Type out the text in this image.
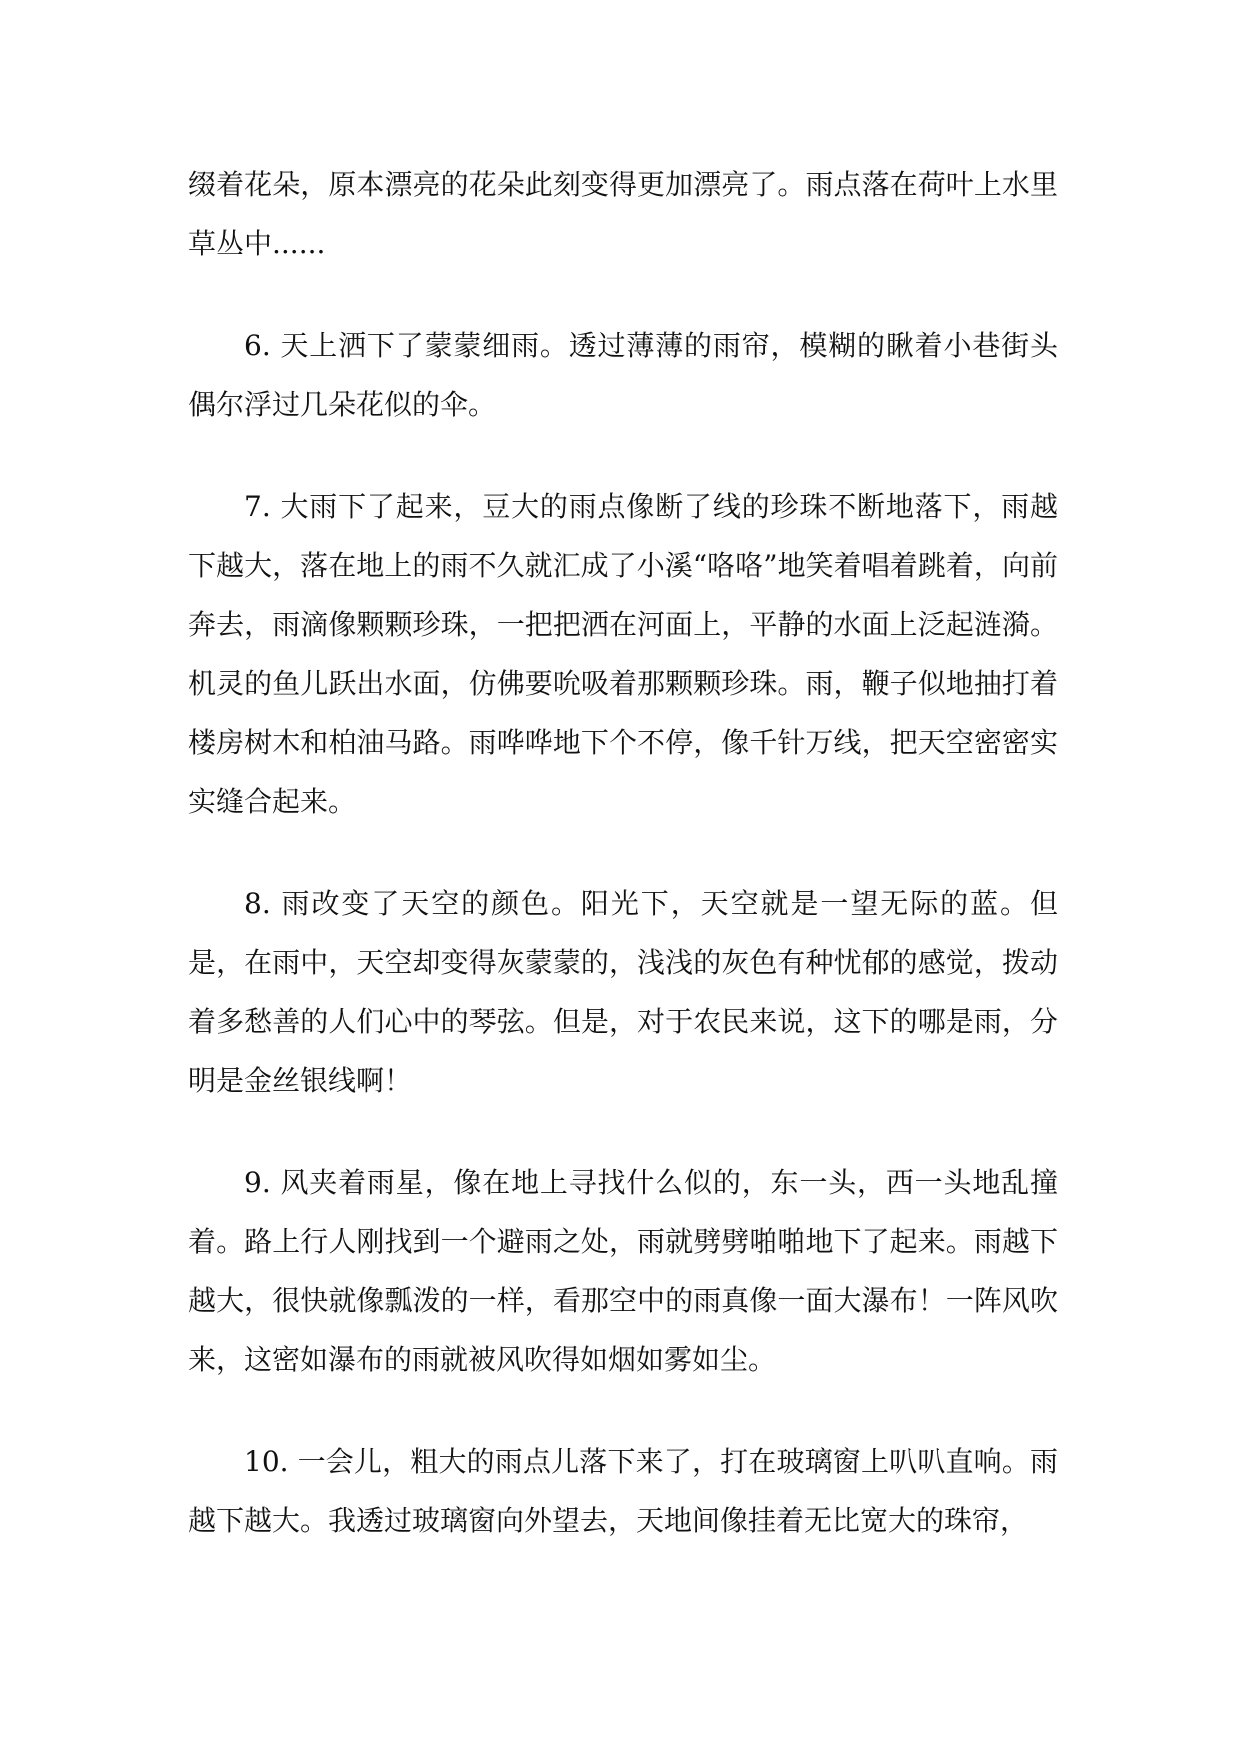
缀着花朵，原本漂亮的花朵此刻变得更加漂亮了。雨点落在荷叶上水里草丛中......

6. 天上洒下了蒙蒙细雨。透过薄薄的雨帘，模糊的瞅着小巷街头偶尔浮过几朵花似的伞。

7. 大雨下了起来，豆大的雨点像断了线的珍珠不断地落下，雨越下越大，落在地上的雨不久就汇成了小溪“咯咯”地笑着唱着跳着，向前奔去，雨滴像颗颗珍珠，一把把洒在河面上，平静的水面上泛起涟漪。机灵的鱼儿跃出水面，仿佛要吮吸着那颗颗珍珠。雨，鞭子似地抽打着楼房树木和柏油马路。雨哗哗地下个不停，像千针万线，把天空密密实实缝合起来。

8. 雨改变了天空的颜色。阳光下，天空就是一望无际的蓝。但是，在雨中，天空却变得灰蒙蒙的，浅浅的灰色有种忧郁的感觉，拨动着多愁善的人们心中的琴弦。但是，对于农民来说，这下的哪是雨，分明是金丝银线啊！

9. 风夹着雨星，像在地上寻找什么似的，东一头，西一头地乱撞着。路上行人刚找到一个避雨之处，雨就劈劈啪啪地下了起来。雨越下越大，很快就像瓢泼的一样，看那空中的雨真像一面大瀑布！一阵风吹来，这密如瀑布的雨就被风吹得如烟如雾如尘。

10. 一会儿，粗大的雨点儿落下来了，打在玻璃窗上叭叭直响。雨越下越大。我透过玻璃窗向外望去，天地间像挂着无比宽大的珠帘，
